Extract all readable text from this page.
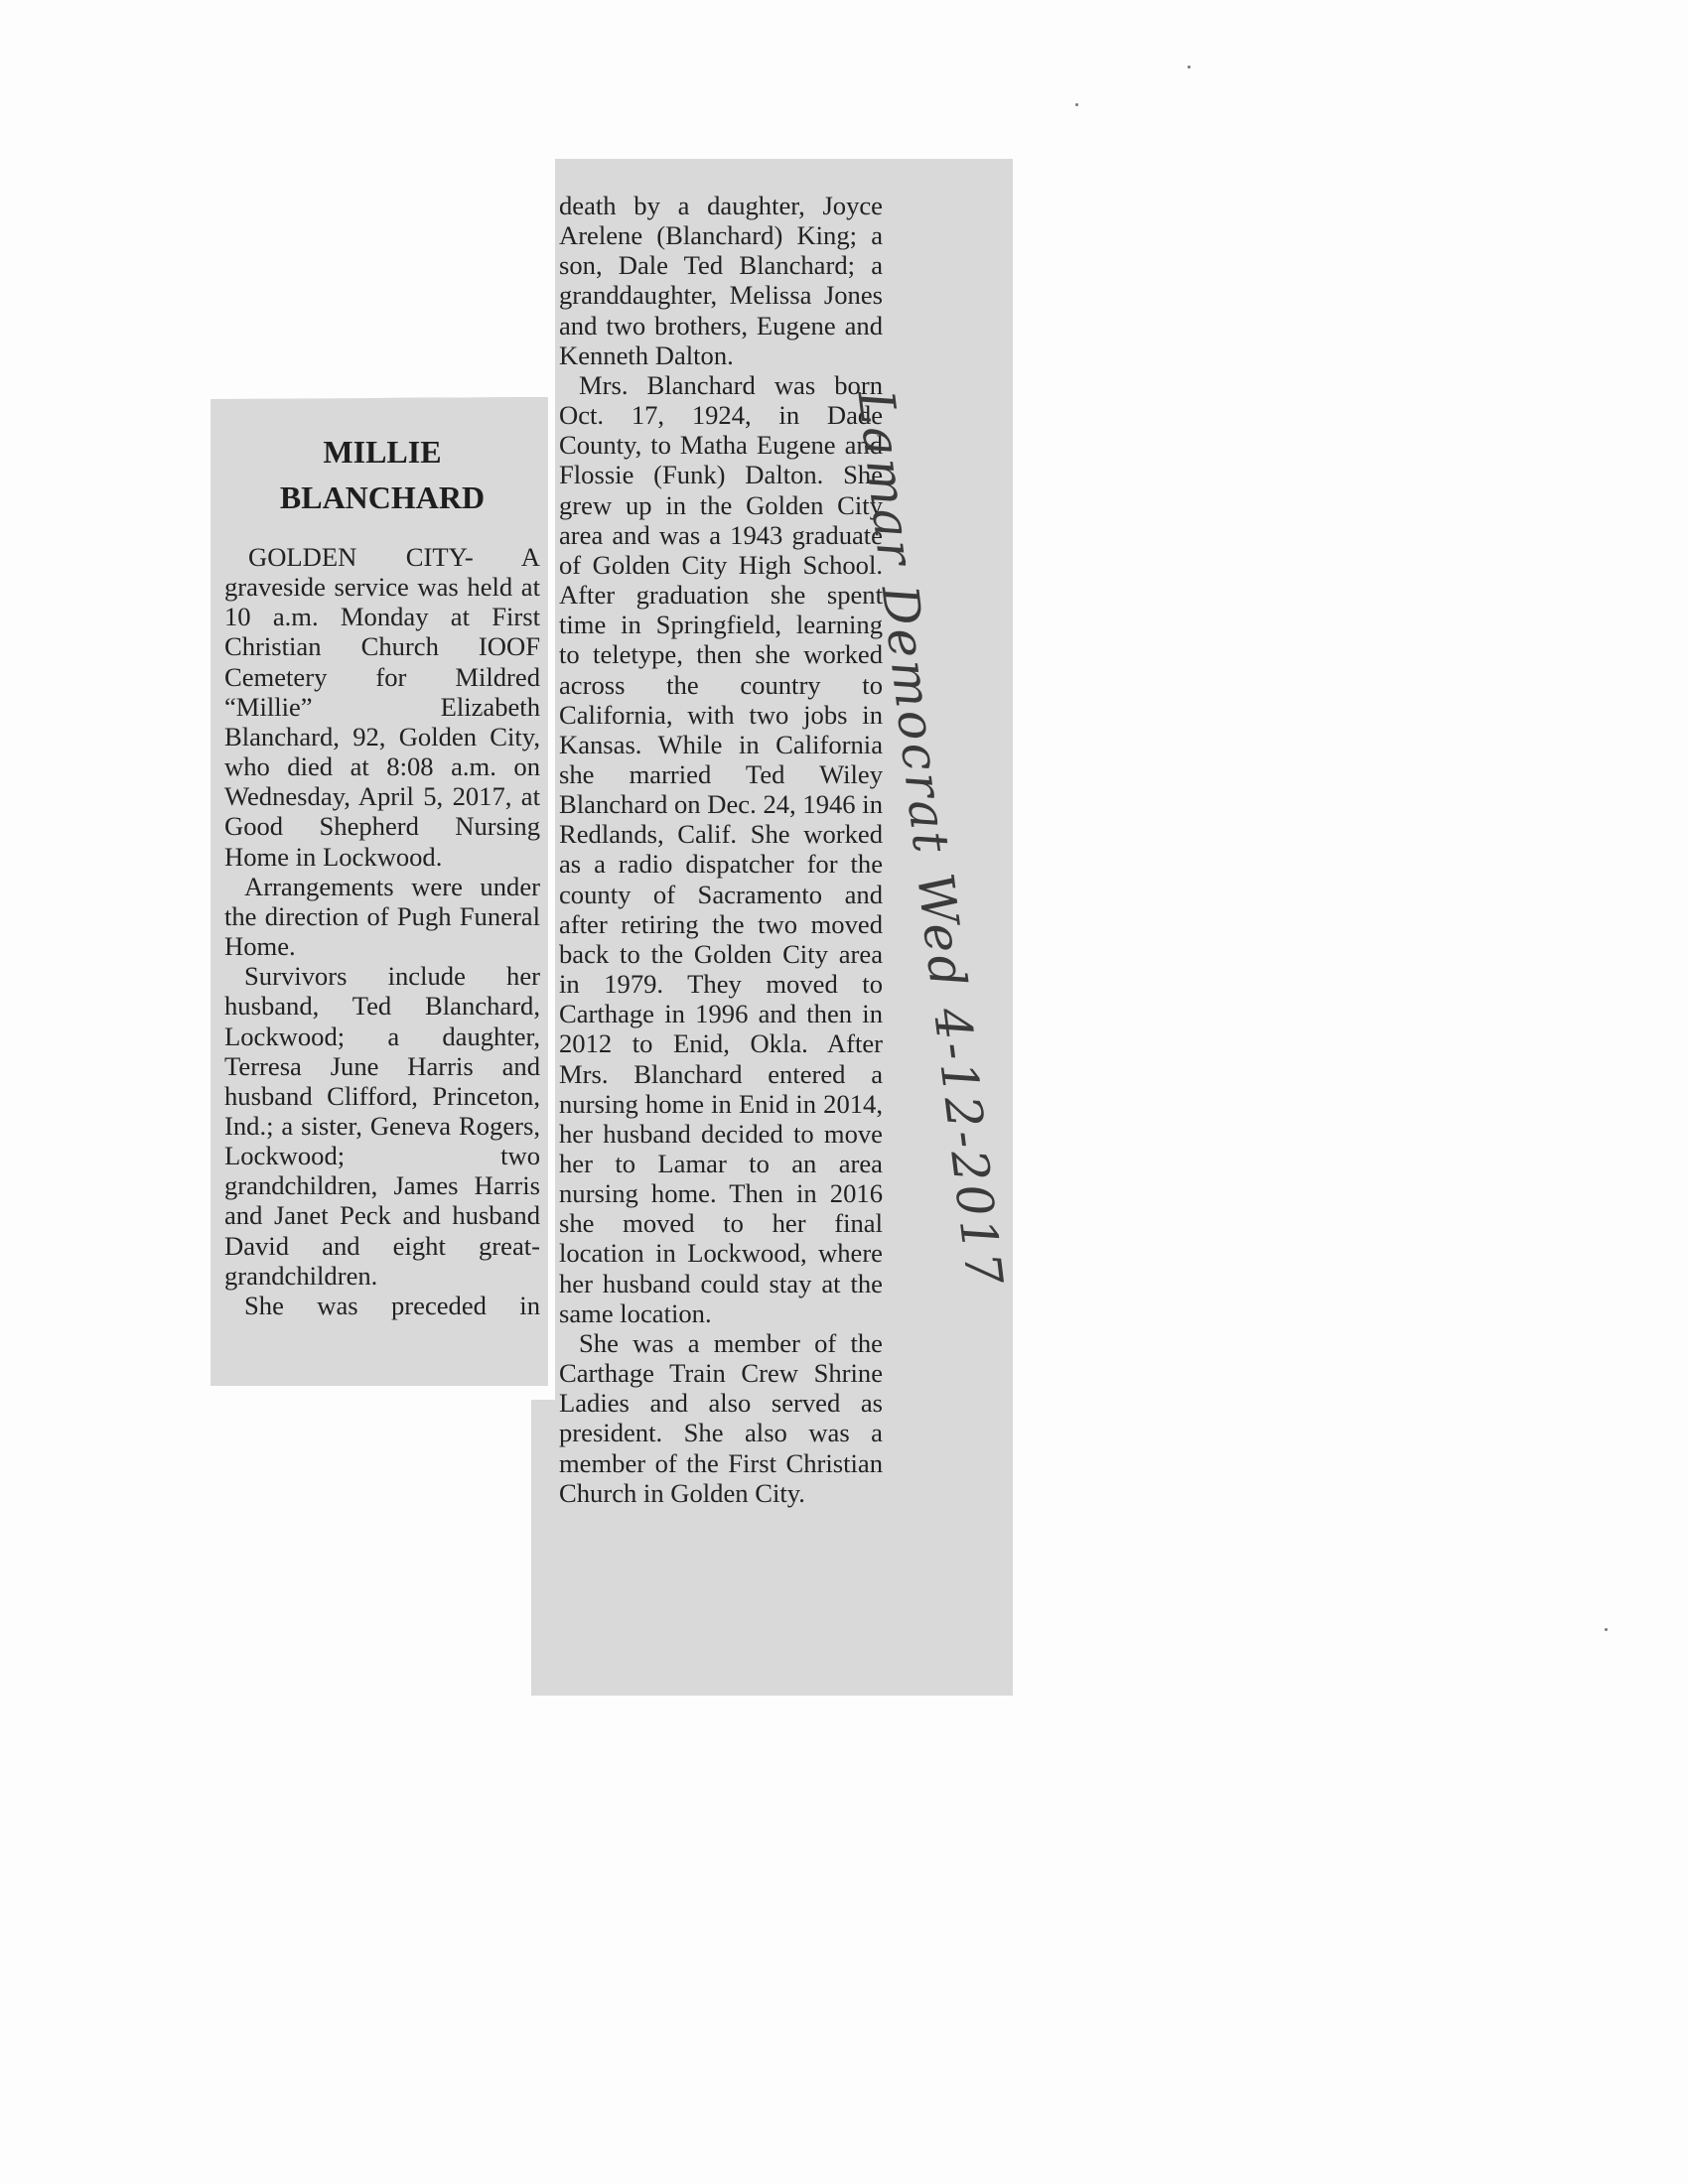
MILLIE
BLANCHARD

GOLDEN CITY- A graveside service was held at 10 a.m. Monday at First Christian Church IOOF Cemetery for Mildred “Millie” Elizabeth Blanchard, 92, Golden City, who died at 8:08 a.m. on Wednesday, April 5, 2017, at Good Shepherd Nursing Home in Lockwood.

Arrangements were under the direction of Pugh Funeral Home.

Survivors include her husband, Ted Blanchard, Lockwood; a daughter, Terresa June Harris and husband Clifford, Princeton, Ind.; a sister, Geneva Rogers, Lockwood; two grandchildren, James Harris and Janet Peck and husband David and eight great-grandchildren.

She was preceded in

death by a daughter, Joyce Arelene (Blanchard) King; a son, Dale Ted Blanchard; a granddaughter, Melissa Jones and two brothers, Eugene and Kenneth Dalton.

Mrs. Blanchard was born Oct. 17, 1924, in Dade County, to Matha Eugene and Flossie (Funk) Dalton. She grew up in the Golden City area and was a 1943 graduate of Golden City High School. After graduation she spent time in Springfield, learning to teletype, then she worked across the country to California, with two jobs in Kansas. While in California she married Ted Wiley Blanchard on Dec. 24, 1946 in Redlands, Calif. She worked as a radio dispatcher for the county of Sacramento and after retiring the two moved back to the Golden City area in 1979. They moved to Carthage in 1996 and then in 2012 to Enid, Okla. After Mrs. Blanchard entered a nursing home in Enid in 2014, her husband decided to move her to Lamar to an area nursing home. Then in 2016 she moved to her final location in Lockwood, where her husband could stay at the same location.

She was a member of the Carthage Train Crew Shrine Ladies and also served as president. She also was a member of the First Christian Church in Golden City.

Lamar Democrat Wed 4-12-2017
